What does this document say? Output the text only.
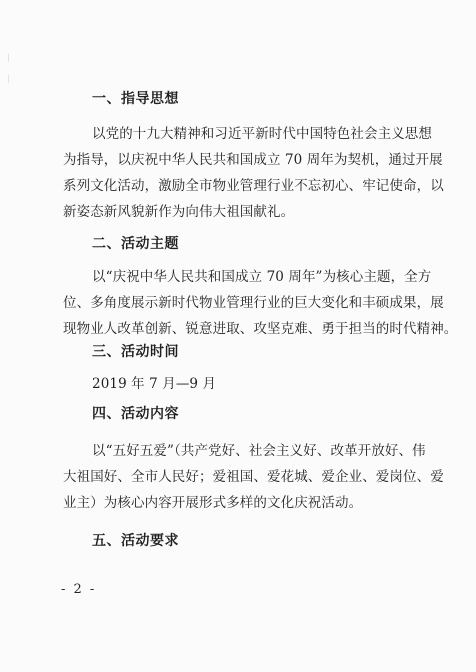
一、指导思想
以党的十九大精神和习近平新时代中国特色社会主义思想
为指导，以庆祝中华人民共和国成立 70 周年为契机，通过开展
系列文化活动，激励全市物业管理行业不忘初心、牢记使命，以
新姿态新风貌新作为向伟大祖国献礼。
二、活动主题
以“庆祝中华人民共和国成立 70 周年”为核心主题，全方
位、多角度展示新时代物业管理行业的巨大变化和丰硕成果，展
现物业人改革创新、锐意进取、攻坚克难、勇于担当的时代精神。
三、活动时间
2019 年 7 月—9 月
四、活动内容
以“五好五爱”（共产党好、社会主义好、改革开放好、伟
大祖国好、全市人民好；爱祖国、爱花城、爱企业、爱岗位、爱
业主）为核心内容开展形式多样的文化庆祝活动。
五、活动要求
- 2 -
